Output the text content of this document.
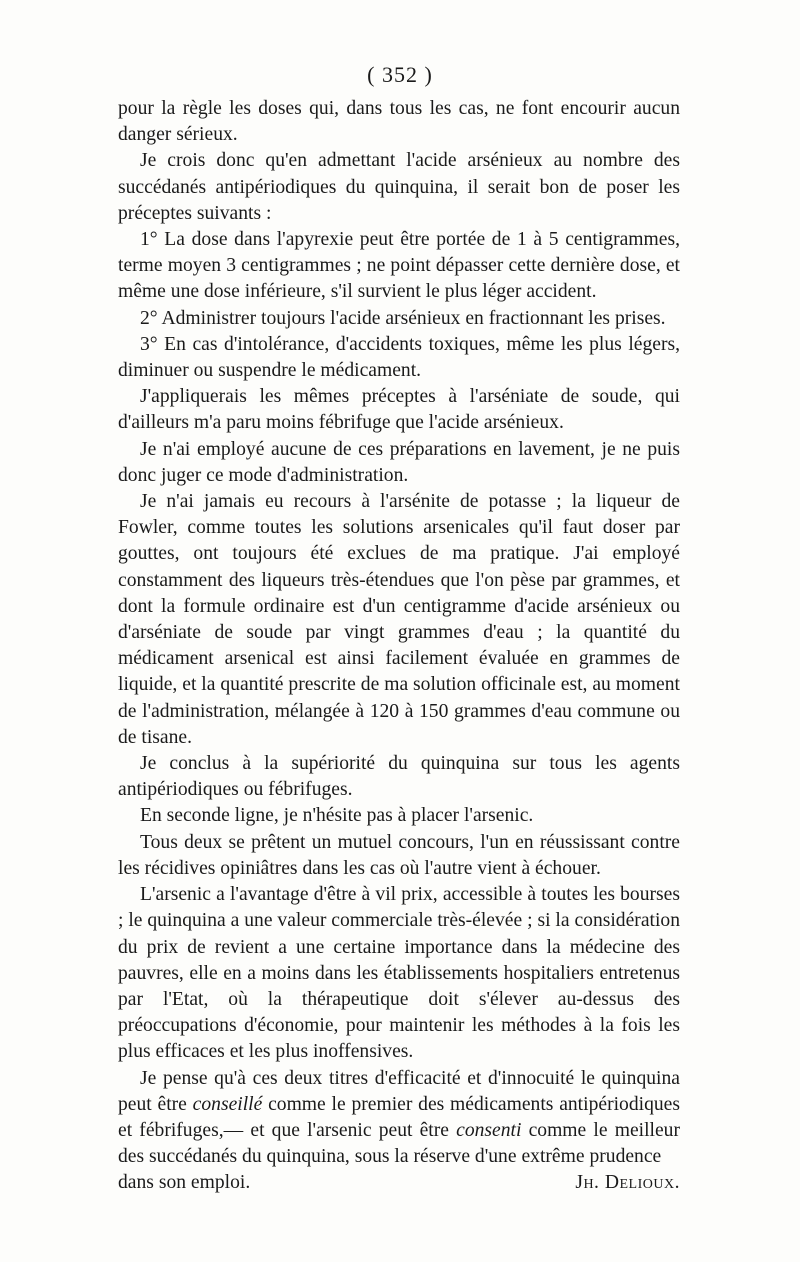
( 352 )

pour la règle les doses qui, dans tous les cas, ne font encourir aucun danger sérieux.

Je crois donc qu'en admettant l'acide arsénieux au nombre des succédanés antipériodiques du quinquina, il serait bon de poser les préceptes suivants :

1° La dose dans l'apyrexie peut être portée de 1 à 5 centigrammes, terme moyen 3 centigrammes ; ne point dépasser cette dernière dose, et même une dose inférieure, s'il survient le plus léger accident.

2° Administrer toujours l'acide arsénieux en fractionnant les prises.

3° En cas d'intolérance, d'accidents toxiques, même les plus légers, diminuer ou suspendre le médicament.

J'appliquerais les mêmes préceptes à l'arséniate de soude, qui d'ailleurs m'a paru moins fébrifuge que l'acide arsénieux.

Je n'ai employé aucune de ces préparations en lavement, je ne puis donc juger ce mode d'administration.

Je n'ai jamais eu recours à l'arsénite de potasse ; la liqueur de Fowler, comme toutes les solutions arsenicales qu'il faut doser par gouttes, ont toujours été exclues de ma pratique. J'ai employé constamment des liqueurs très-étendues que l'on pèse par grammes, et dont la formule ordinaire est d'un centigramme d'acide arsénieux ou d'arséniate de soude par vingt grammes d'eau ; la quantité du médicament arsenical est ainsi facilement évaluée en grammes de liquide, et la quantité prescrite de ma solution officinale est, au moment de l'administration, mélangée à 120 à 150 grammes d'eau commune ou de tisane.

Je conclus à la supériorité du quinquina sur tous les agents antipériodiques ou fébrifuges.

En seconde ligne, je n'hésite pas à placer l'arsenic.

Tous deux se prêtent un mutuel concours, l'un en réussissant contre les récidives opiniâtres dans les cas où l'autre vient à échouer.

L'arsenic a l'avantage d'être à vil prix, accessible à toutes les bourses ; le quinquina a une valeur commerciale très-élevée ; si la considération du prix de revient a une certaine importance dans la médecine des pauvres, elle en a moins dans les établissements hospitaliers entretenus par l'Etat, où la thérapeutique doit s'élever au-dessus des préoccupations d'économie, pour maintenir les méthodes à la fois les plus efficaces et les plus inoffensives.

Je pense qu'à ces deux titres d'efficacité et d'innocuité le quinquina peut être conseillé comme le premier des médicaments antipériodiques et fébrifuges,— et que l'arsenic peut être consenti comme le meilleur des succédanés du quinquina, sous la réserve d'une extrême prudence

dans son emploi.	Jh. Delioux.
